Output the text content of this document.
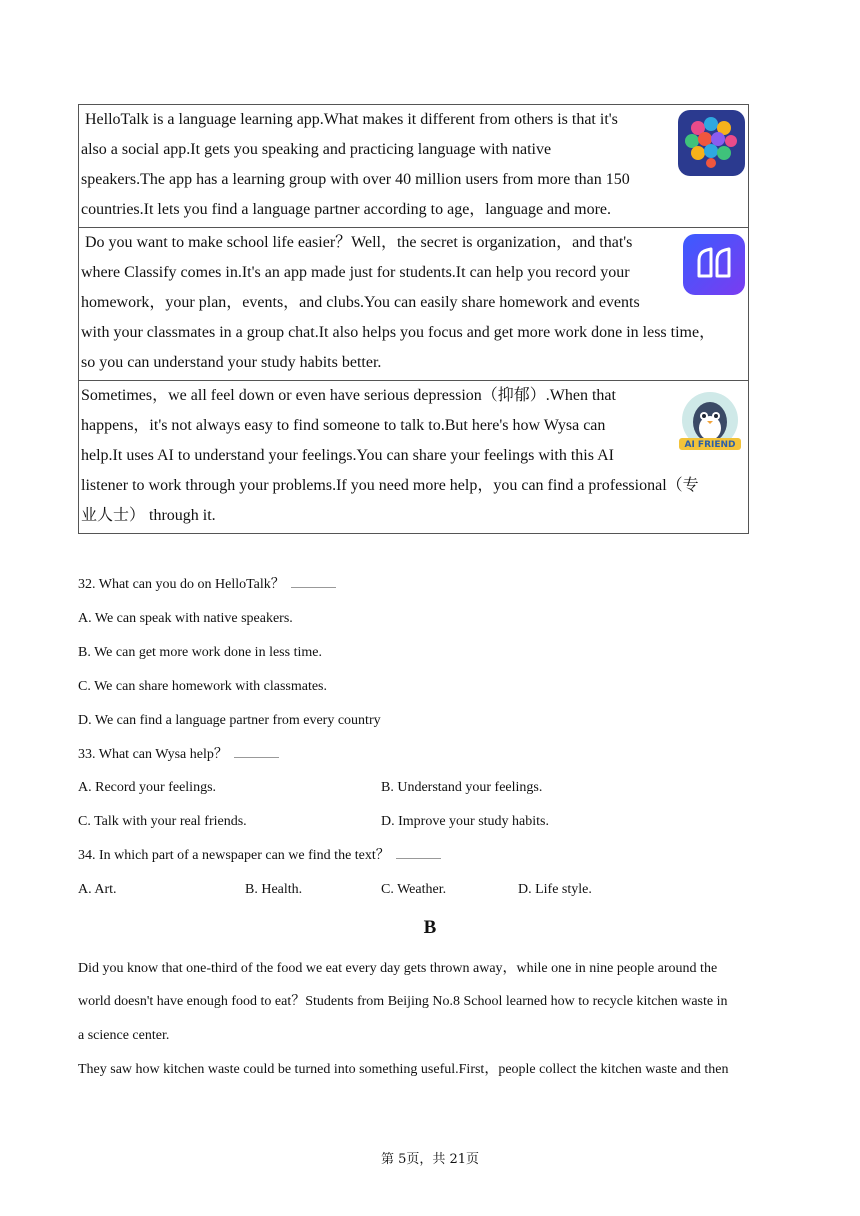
HelloTalk is a language learning app.What makes it different from others is that it's
also a social app.It gets you speaking and practicing language with native
speakers.The app has a learning group with over 40 million users from more than 150
countries.It lets you find a language partner according to age，language and more.
Do you want to make school life easier？Well，the secret is organization，and that's
where Classify comes in.It's an app made just for students.It can help you record your
homework，your plan，events，and clubs.You can easily share homework and events
with your classmates in a group chat.It also helps you focus and get more work done in less time，
so you can understand your study habits better.
Sometimes，we all feel down or even have serious depression（抑郁）.When that
happens，it's not always easy to find someone to talk to.But here's how Wysa can
help.It uses AI to understand your feelings.You can share your feelings with this AI
listener to work through your problems.If you need more help，you can find a professional（专
业人士） through it.
AI FRIEND
32. What can you do on HelloTalk？
A. We can speak with native speakers.
B. We can get more work done in less time.
C. We can share homework with classmates.
D. We can find a language partner from every country
33. What can Wysa help？
A. Record your feelings.	B. Understand your feelings.
C. Talk with your real friends.	D. Improve your study habits.
34. In which part of a newspaper can we find the text？
A. Art.	B. Health.	C. Weather.	D. Life style.
B
Did you know that one-third of the food we eat every day gets thrown away，while one in nine people around the
world doesn't have enough food to eat？Students from Beijing No.8 School learned how to recycle kitchen waste in
a science center.
They saw how kitchen waste could be turned into something useful.First，people collect the kitchen waste and then
第 5页，共 21页
